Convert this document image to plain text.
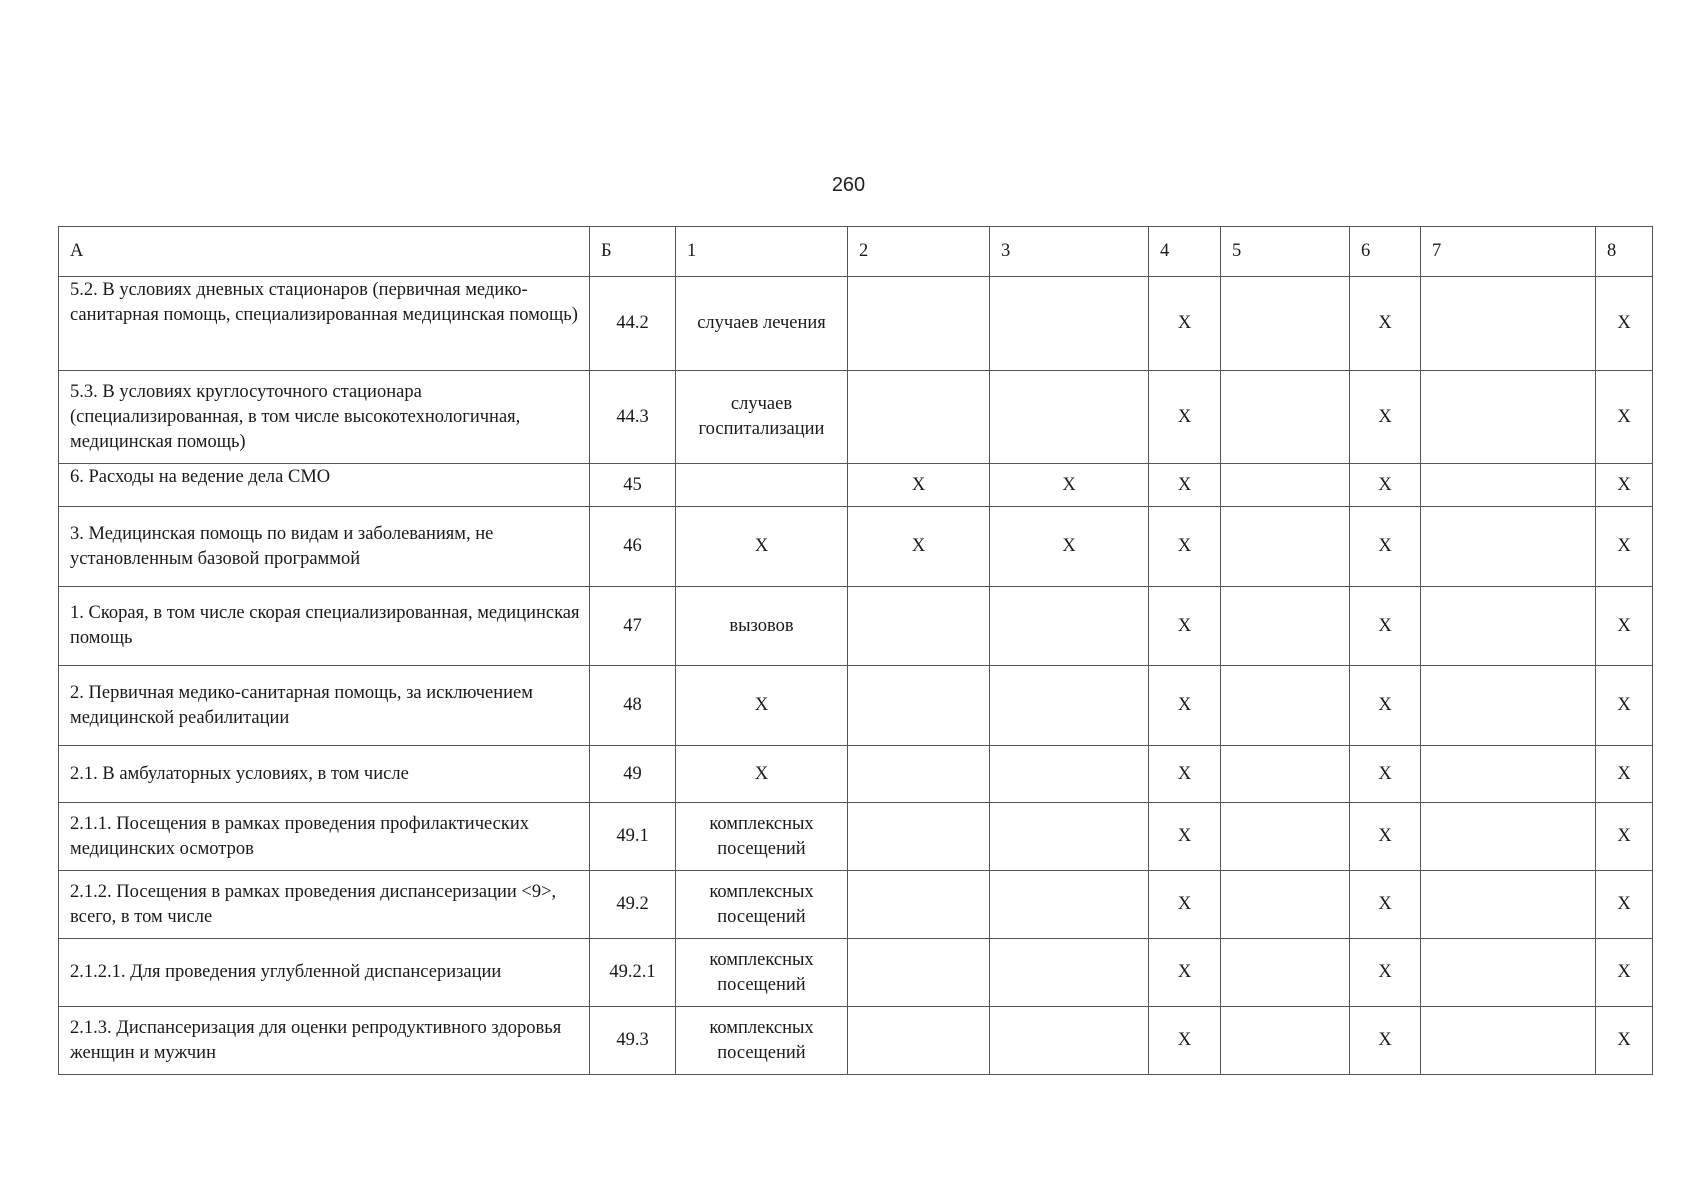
260
А	Б	1	2	3	4	5	6	7	8
5.2. В условиях дневных стационаров (первичная медико-санитарная помощь, специализированная медицинская помощь)	44.2	случаев лечения			X		X		X
5.3. В условиях круглосуточного стационара (специализированная, в том числе высокотехнологичная, медицинская помощь)	44.3	случаев госпитализации			X		X		X
6. Расходы на ведение дела СМО	45		X	X	X		X		X
3. Медицинская помощь по видам и заболеваниям, не установленным базовой программой	46	X	X	X	X		X		X
1. Скорая, в том числе скорая специализированная, медицинская помощь	47	вызовов			X		X		X
2. Первичная медико-санитарная помощь, за исключением медицинской реабилитации	48	X			X		X		X
2.1. В амбулаторных условиях, в том числе	49	X			X		X		X
2.1.1. Посещения в рамках проведения профилактических медицинских осмотров	49.1	комплексных посещений			X		X		X
2.1.2. Посещения в рамках проведения диспансеризации <9>, всего, в том числе	49.2	комплексных посещений			X		X		X
2.1.2.1. Для проведения углубленной диспансеризации	49.2.1	комплексных посещений			X		X		X
2.1.3. Диспансеризация для оценки репродуктивного здоровья женщин и мужчин	49.3	комплексных посещений			X		X		X
